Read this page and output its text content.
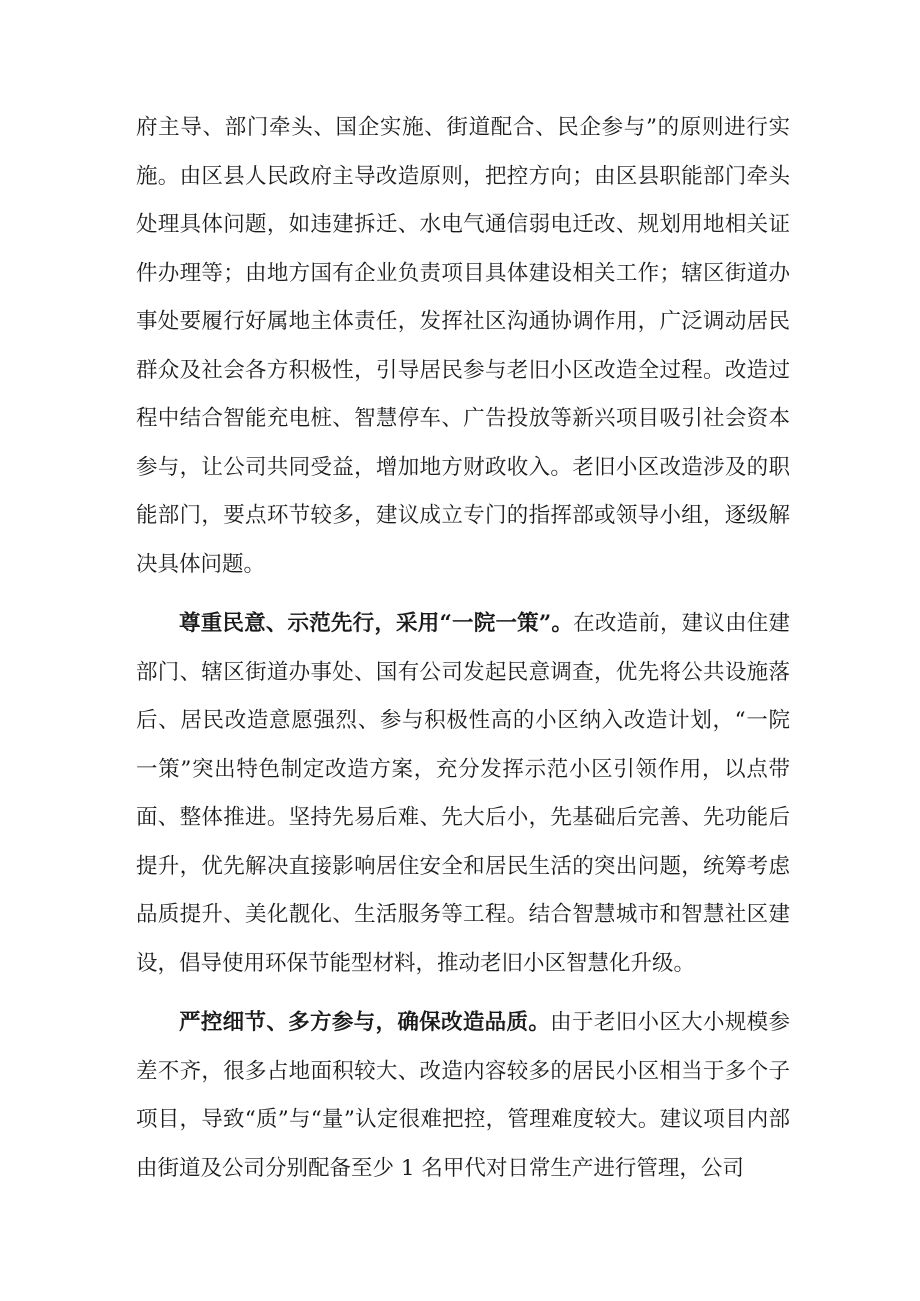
府主导、部门牵头、国企实施、街道配合、民企参与”的原则进行实施。由区县人民政府主导改造原则，把控方向；由区县职能部门牵头处理具体问题，如违建拆迁、水电气通信弱电迁改、规划用地相关证件办理等；由地方国有企业负责项目具体建设相关工作；辖区街道办事处要履行好属地主体责任，发挥社区沟通协调作用，广泛调动居民群众及社会各方积极性，引导居民参与老旧小区改造全过程。改造过程中结合智能充电桩、智慧停车、广告投放等新兴项目吸引社会资本参与，让公司共同受益，增加地方财政收入。老旧小区改造涉及的职能部门，要点环节较多，建议成立专门的指挥部或领导小组，逐级解决具体问题。

尊重民意、示范先行，采用“一院一策”。在改造前，建议由住建部门、辖区街道办事处、国有公司发起民意调查，优先将公共设施落后、居民改造意愿强烈、参与积极性高的小区纳入改造计划，“一院一策”突出特色制定改造方案，充分发挥示范小区引领作用，以点带面、整体推进。坚持先易后难、先大后小，先基础后完善、先功能后提升，优先解决直接影响居住安全和居民生活的突出问题，统筹考虑品质提升、美化靓化、生活服务等工程。结合智慧城市和智慧社区建设，倡导使用环保节能型材料，推动老旧小区智慧化升级。

严控细节、多方参与，确保改造品质。由于老旧小区大小规模参差不齐，很多占地面积较大、改造内容较多的居民小区相当于多个子项目，导致“质”与“量”认定很难把控，管理难度较大。建议项目内部由街道及公司分别配备至少 1 名甲代对日常生产进行管理，公司
